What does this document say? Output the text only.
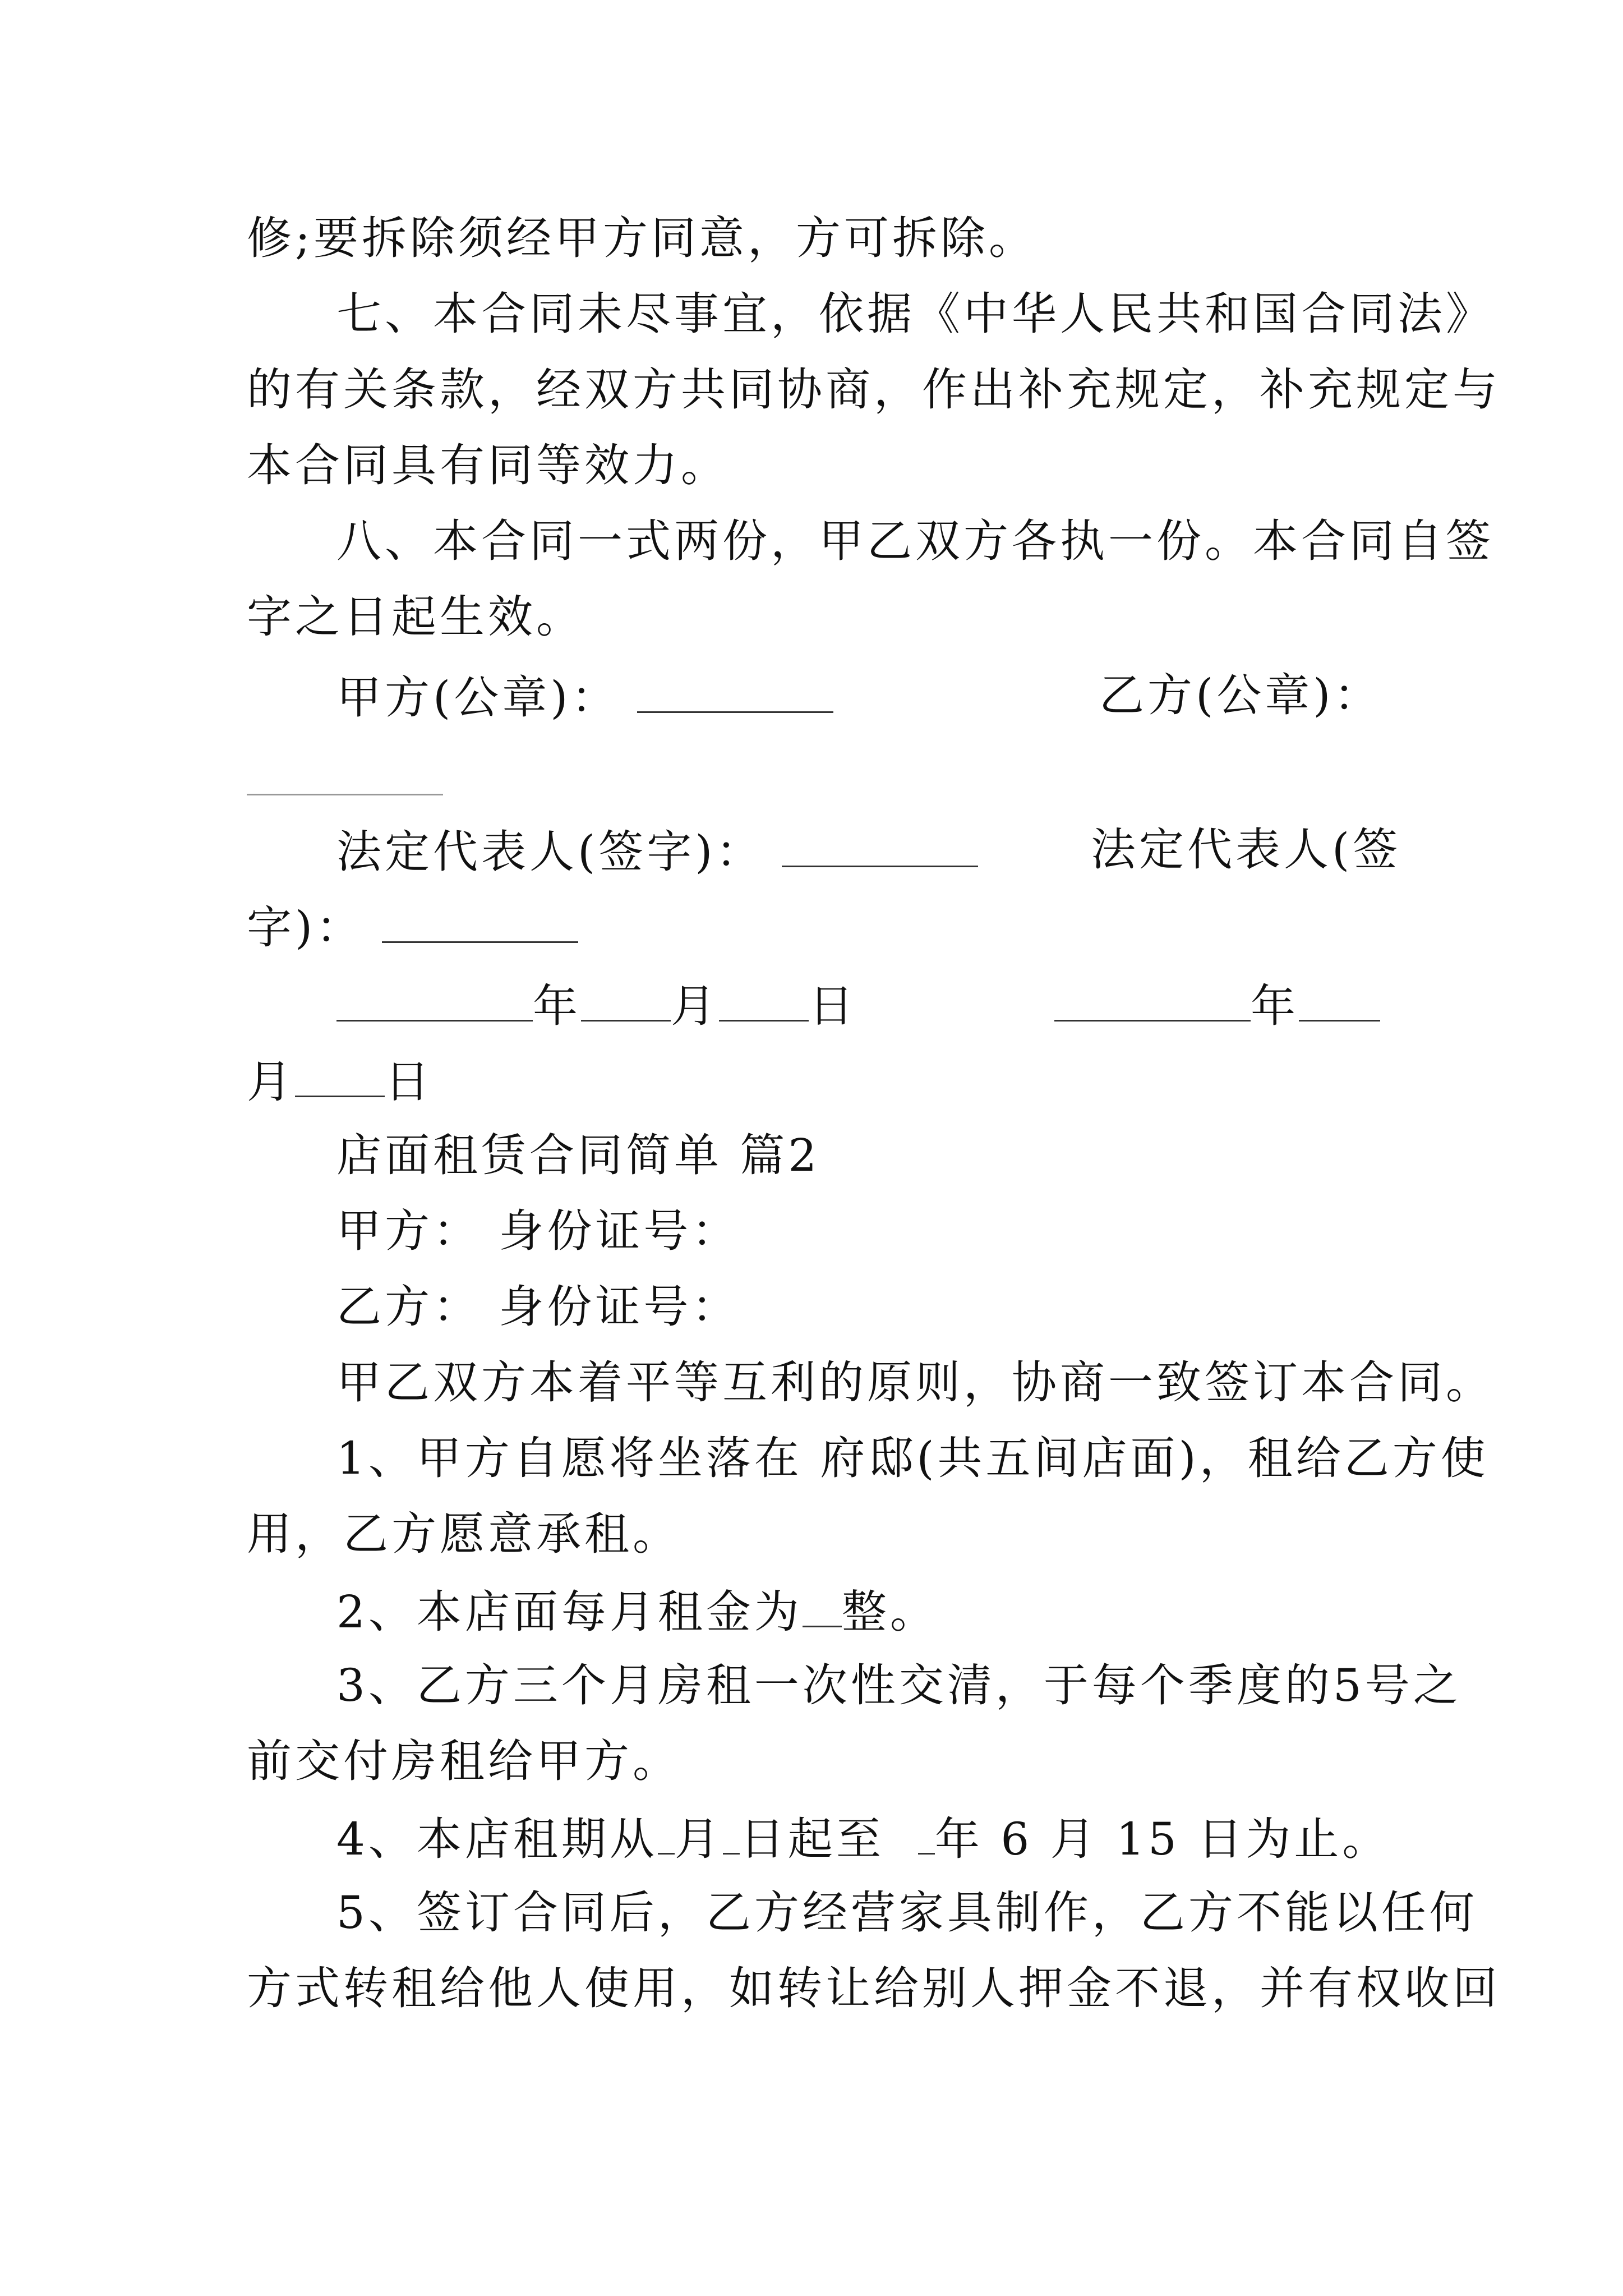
修;要拆除须经甲方同意，方可拆除。
七、本合同未尽事宜，依据《中华人民共和国合同法》
的有关条款，经双方共同协商，作出补充规定，补充规定与
本合同具有同等效力。
八、本合同一式两份，甲乙双方各执一份。本合同自签
字之日起生效。
甲方(公章)：	乙方(公章)：
法定代表人(签字)：	法定代表人(签
字)：
年 月 日	年
月 日
店面租赁合同简单 篇2
甲方： 身份证号：
乙方： 身份证号：
甲乙双方本着平等互利的原则，协商一致签订本合同。
1、甲方自愿将坐落在 府邸(共五间店面)，租给乙方使
用，乙方愿意承租。
2、本店面每月租金为 整。
3、乙方三个月房租一次性交清，于每个季度的5号之
前交付房租给甲方。
4、本店租期从 月 日起至 年 6 月 15 日为止。
5、签订合同后，乙方经营家具制作，乙方不能以任何
方式转租给他人使用，如转让给别人押金不退，并有权收回
